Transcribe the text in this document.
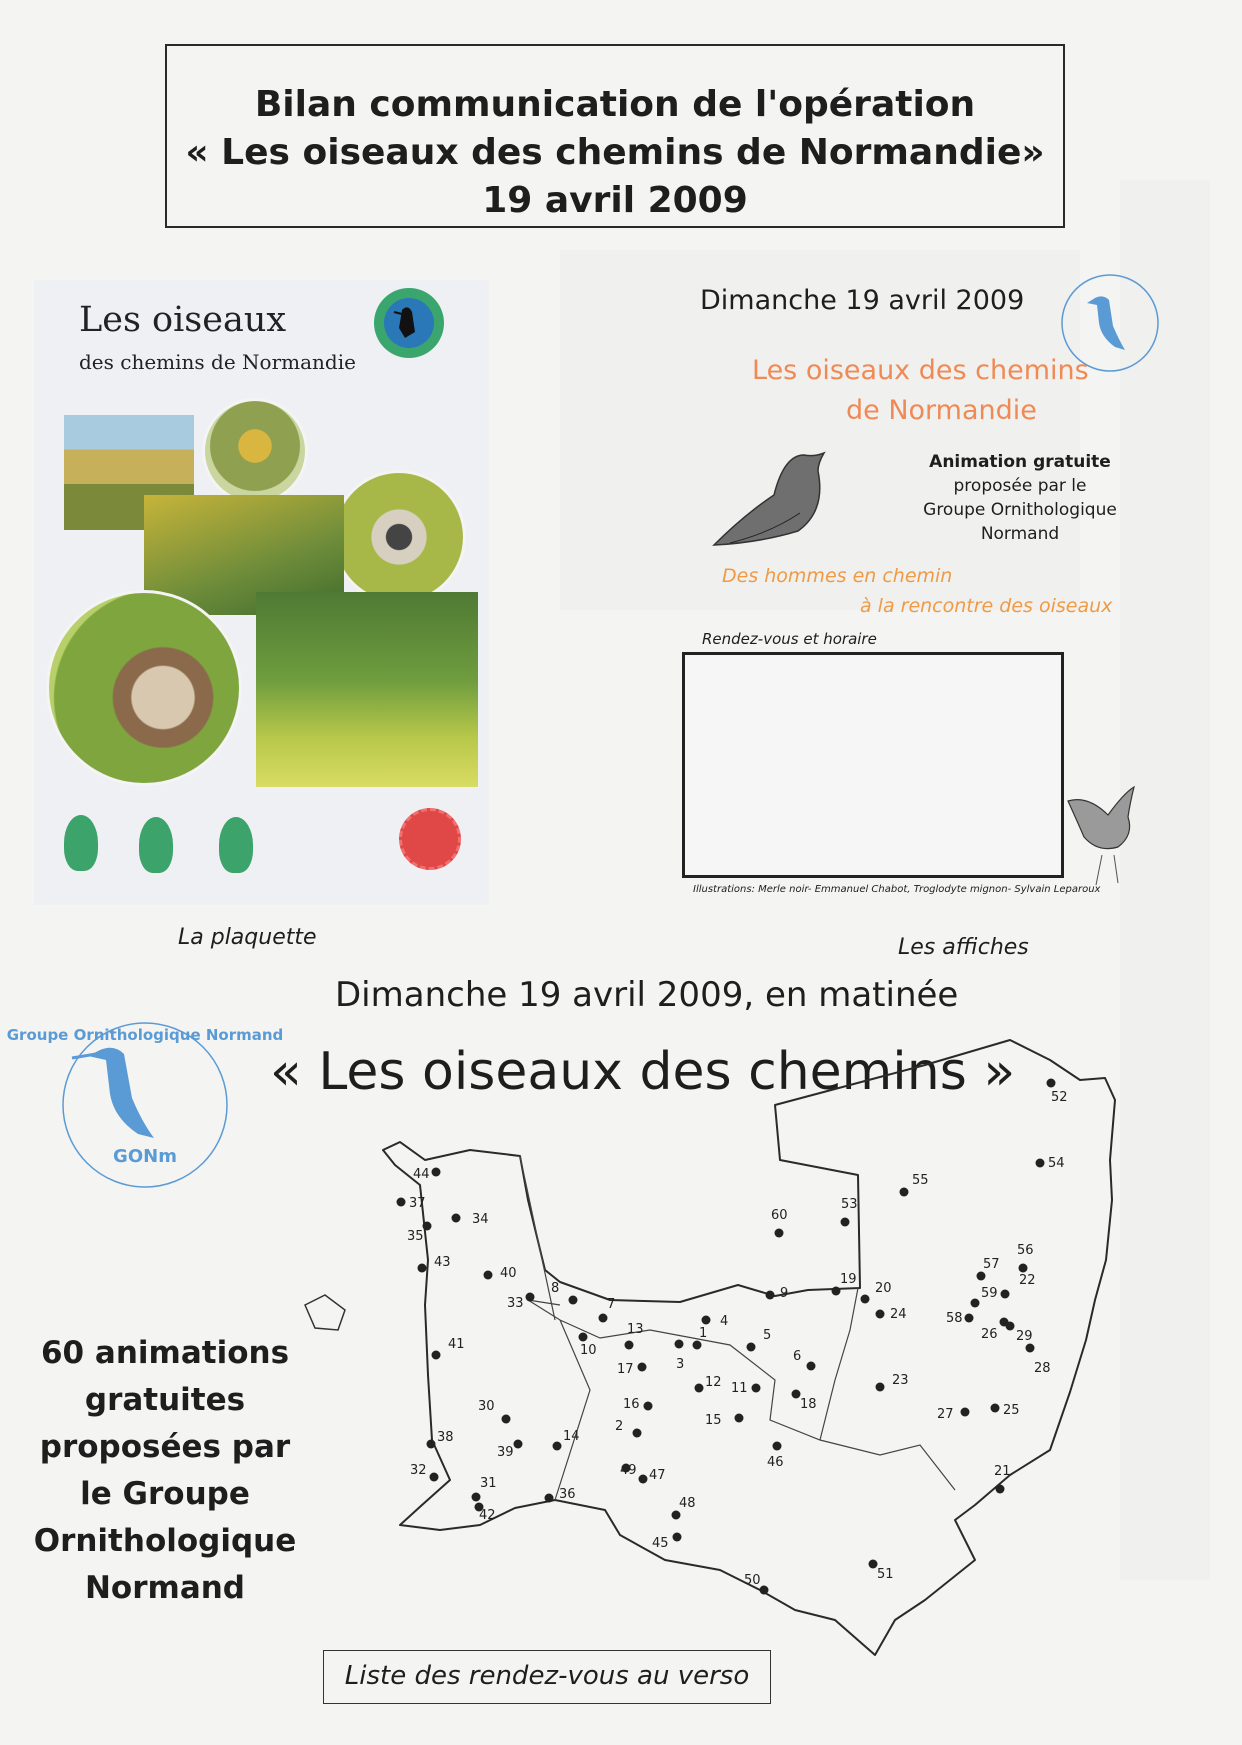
Bilan communication de l'opération
« Les oiseaux des chemins de Normandie»
19 avril 2009
Les oiseaux
des chemins de Normandie
La plaquette
Dimanche 19 avril 2009
Les oiseaux des chemins
de Normandie
Animation gratuite
proposée par le
Groupe Ornithologique
Normand
Des hommes en chemin
à la rencontre des oiseaux
Rendez-vous et horaire
Illustrations: Merle noir- Emmanuel Chabot, Troglodyte mignon- Sylvain Leparoux
Les affiches
Dimanche 19 avril 2009, en matinée
« Les oiseaux des chemins »
Groupe Ornithologique Normand
GONm
60 animations
gratuites
proposées par
le Groupe
Ornithologique
Normand
1
2
3
4
5
6
7
8	9
10
11
12
13
14
15
16
17
18
19
20
21
22
23
24
25
26
27
28
29
30
31
32
33
34
35
36
37
38
39
40
41
42
43
44
45
46
47
48
49
50	51
52
53
54
55
56
57
58
59
60
Liste des rendez-vous au verso
